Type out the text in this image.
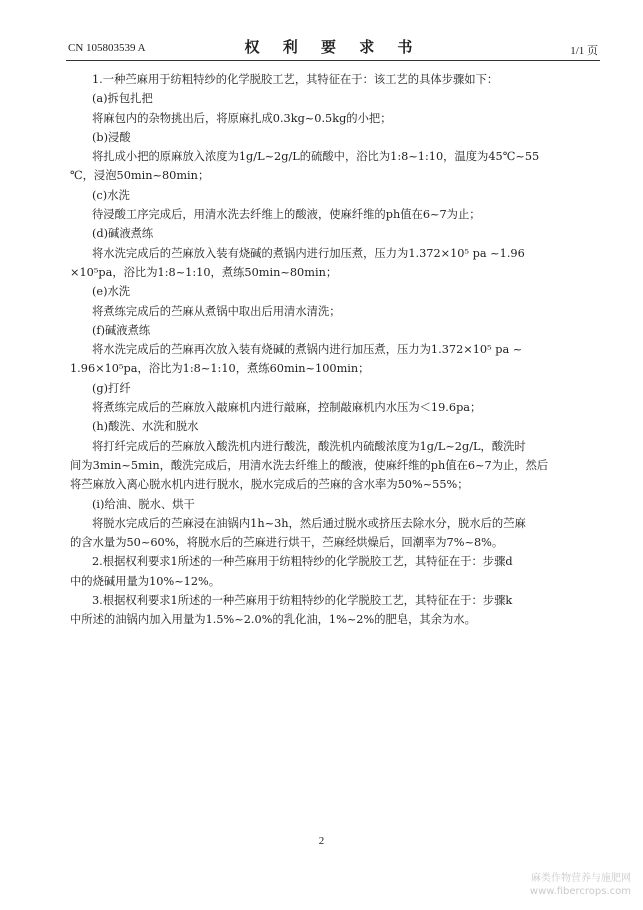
CN 105803539 A	权 利 要 求 书	1/1 页
1.一种苎麻用于纺粗特纱的化学脱胶工艺，其特征在于：该工艺的具体步骤如下：
(a)拆包扎把
将麻包内的杂物挑出后，将原麻扎成0.3kg~0.5kg的小把；
(b)浸酸
将扎成小把的原麻放入浓度为1g/L~2g/L的硫酸中，浴比为1:8~1:10，温度为45℃~55
℃，浸泡50min~80min；
(c)水洗
待浸酸工序完成后，用清水洗去纤维上的酸液，使麻纤维的ph值在6~7为止；
(d)碱液煮练
将水洗完成后的苎麻放入装有烧碱的煮锅内进行加压煮，压力为1.372×10⁵ pa ~1.96
×10⁵pa，浴比为1:8~1:10，煮练50min~80min；
(e)水洗
将煮练完成后的苎麻从煮锅中取出后用清水清洗；
(f)碱液煮练
将水洗完成后的苎麻再次放入装有烧碱的煮锅内进行加压煮，压力为1.372×10⁵ pa ~
1.96×10⁵pa，浴比为1:8~1:10，煮练60min~100min；
(g)打纤
将煮练完成后的苎麻放入敲麻机内进行敲麻，控制敲麻机内水压为＜19.6pa；
(h)酸洗、水洗和脱水
将打纤完成后的苎麻放入酸洗机内进行酸洗，酸洗机内硫酸浓度为1g/L~2g/L，酸洗时
间为3min~5min，酸洗完成后，用清水洗去纤维上的酸液，使麻纤维的ph值在6~7为止，然后
将苎麻放入离心脱水机内进行脱水，脱水完成后的苎麻的含水率为50%~55%；
(i)给油、脱水、烘干
将脱水完成后的苎麻浸在油锅内1h~3h，然后通过脱水或挤压去除水分，脱水后的苎麻
的含水量为50~60%，将脱水后的苎麻进行烘干，苎麻经烘燥后，回潮率为7%~8%。
2.根据权利要求1所述的一种苎麻用于纺粗特纱的化学脱胶工艺，其特征在于：步骤d
中的烧碱用量为10%~12%。
3.根据权利要求1所述的一种苎麻用于纺粗特纱的化学脱胶工艺，其特征在于：步骤k
中所述的油锅内加入用量为1.5%~2.0%的乳化油，1%~2%的肥皂，其余为水。
2
麻类作物营养与施肥网
www.fibercrops.com
